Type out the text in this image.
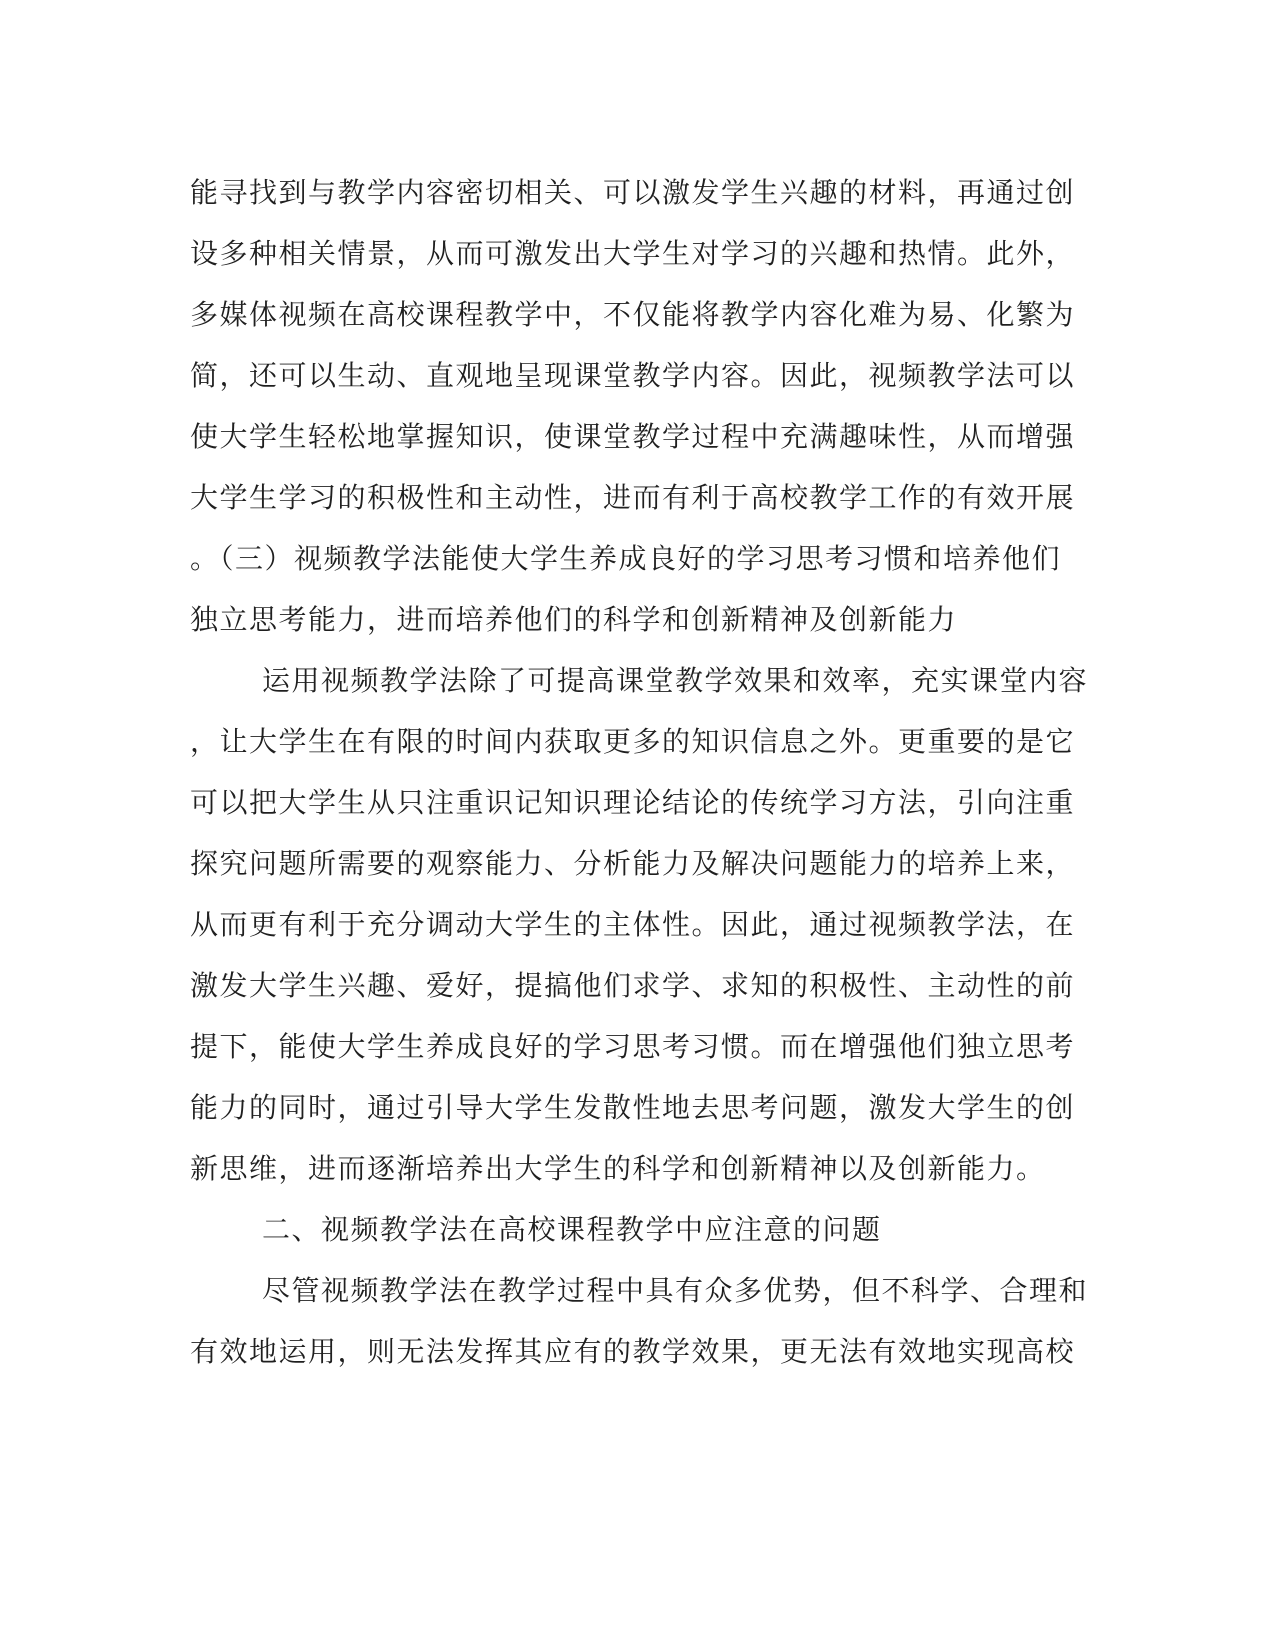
能寻找到与教学内容密切相关、可以激发学生兴趣的材料，再通过创
设多种相关情景，从而可激发出大学生对学习的兴趣和热情。此外，
多媒体视频在高校课程教学中，不仅能将教学内容化难为易、化繁为
简，还可以生动、直观地呈现课堂教学内容。因此，视频教学法可以
使大学生轻松地掌握知识，使课堂教学过程中充满趣味性，从而增强
大学生学习的积极性和主动性，进而有利于高校教学工作的有效开展
。（三）视频教学法能使大学生养成良好的学习思考习惯和培养他们
独立思考能力，进而培养他们的科学和创新精神及创新能力
运用视频教学法除了可提高课堂教学效果和效率，充实课堂内容
，让大学生在有限的时间内获取更多的知识信息之外。更重要的是它
可以把大学生从只注重识记知识理论结论的传统学习方法，引向注重
探究问题所需要的观察能力、分析能力及解决问题能力的培养上来，
从而更有利于充分调动大学生的主体性。因此，通过视频教学法，在
激发大学生兴趣、爱好，提搞他们求学、求知的积极性、主动性的前
提下，能使大学生养成良好的学习思考习惯。而在增强他们独立思考
能力的同时，通过引导大学生发散性地去思考问题，激发大学生的创
新思维，进而逐渐培养出大学生的科学和创新精神以及创新能力。
二、视频教学法在高校课程教学中应注意的问题
尽管视频教学法在教学过程中具有众多优势，但不科学、合理和
有效地运用，则无法发挥其应有的教学效果，更无法有效地实现高校
